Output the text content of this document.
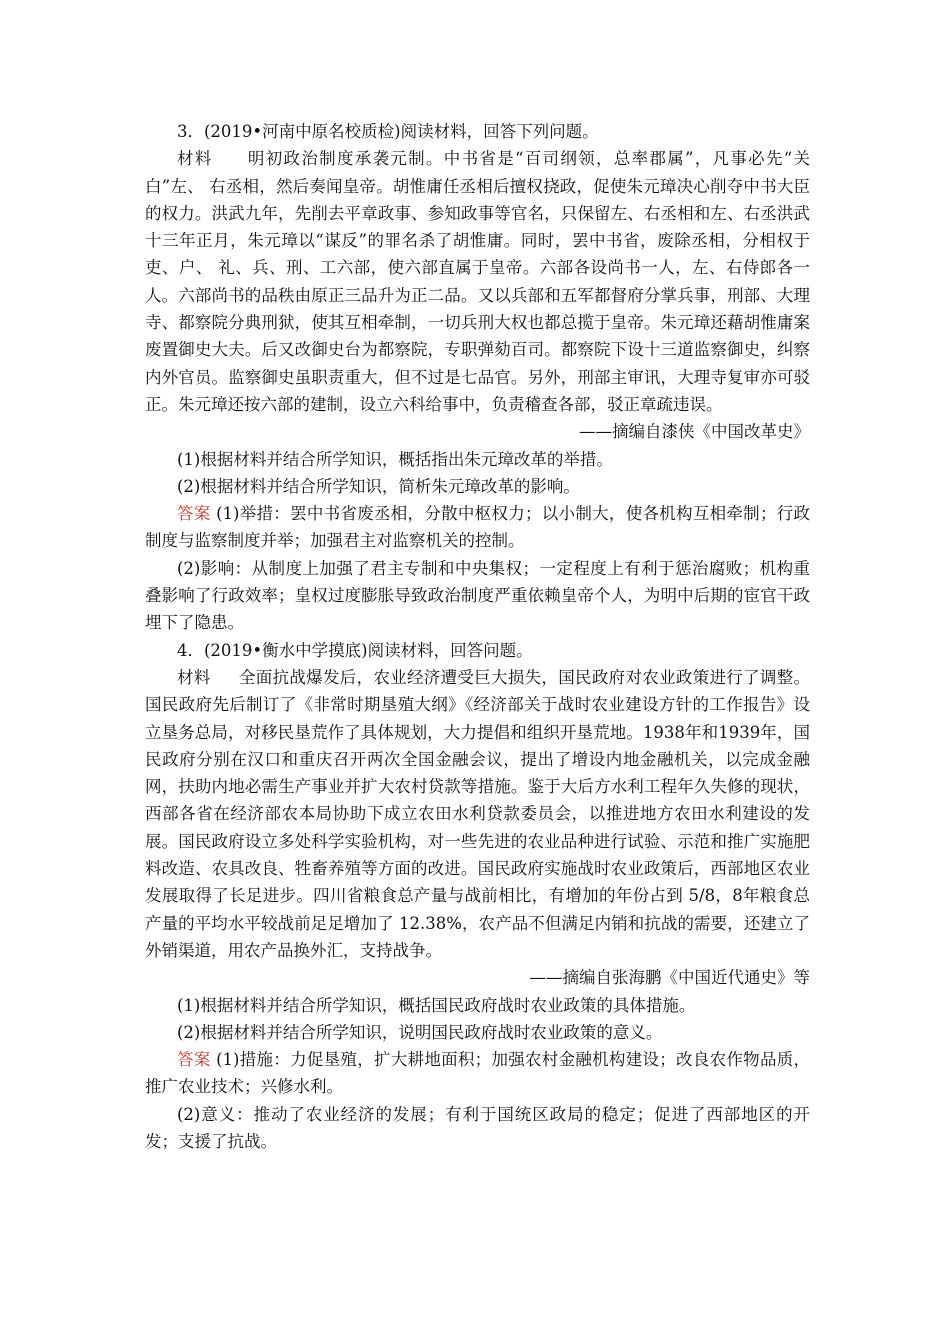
3．(2019•河南中原名校质检)阅读材料，回答下列问题。

材料 明初政治制度承袭元制。中书省是“百司纲领，总率郡属”，凡事必先“关白”左、 右丞相，然后奏闻皇帝。胡惟庸任丞相后擅权挠政，促使朱元璋决心削夺中书大臣的权力。洪武九年，先削去平章政事、参知政事等官名，只保留左、右丞相和左、右丞洪武十三年正月，朱元璋以“谋反”的罪名杀了胡惟庸。同时，罢中书省，废除丞相，分相权于吏、户、 礼、兵、刑、工六部，使六部直属于皇帝。六部各设尚书一人，左、右侍郎各一人。六部尚书的品秩由原正三品升为正二品。又以兵部和五军都督府分掌兵事，刑部、大理寺、都察院分典刑狱，使其互相牵制，一切兵刑大权也都总揽于皇帝。朱元璋还藉胡惟庸案废置御史大夫。后又改御史台为都察院，专职弹劾百司。都察院下设十三道监察御史，纠察内外官员。监察御史虽职责重大，但不过是七品官。另外，刑部主审讯，大理寺复审亦可驳正。朱元璋还按六部的建制，设立六科给事中，负责稽查各部，驳正章疏违误。

——摘编自漆侠《中国改革史》

(1)根据材料并结合所学知识，概括指出朱元璋改革的举措。

(2)根据材料并结合所学知识，简析朱元璋改革的影响。

答案 (1)举措：罢中书省废丞相，分散中枢权力；以小制大，使各机构互相牵制；行政制度与监察制度并举；加强君主对监察机关的控制。

(2)影响：从制度上加强了君主专制和中央集权；一定程度上有利于惩治腐败；机构重叠影响了行政效率；皇权过度膨胀导致政治制度严重依赖皇帝个人，为明中后期的宦官干政埋下了隐患。

4．(2019•衡水中学摸底)阅读材料，回答问题。

材料 全面抗战爆发后，农业经济遭受巨大损失，国民政府对农业政策进行了调整。国民政府先后制订了《非常时期垦殖大纲》《经济部关于战时农业建设方针的工作报告》设立垦务总局，对移民垦荒作了具体规划，大力提倡和组织开垦荒地。1938年和1939年，国民政府分别在汉口和重庆召开两次全国金融会议，提出了增设内地金融机关，以完成金融网，扶助内地必需生产事业并扩大农村贷款等措施。鉴于大后方水利工程年久失修的现状，西部各省在经济部农本局协助下成立农田水利贷款委员会，以推进地方农田水利建设的发展。国民政府设立多处科学实验机构，对一些先进的农业品种进行试验、示范和推广实施肥料改造、农具改良、牲畜养殖等方面的改进。国民政府实施战时农业政策后，西部地区农业发展取得了长足进步。四川省粮食总产量与战前相比，有增加的年份占到 5/8，8年粮食总产量的平均水平较战前足足增加了 12.38%，农产品不但满足内销和抗战的需要，还建立了外销渠道，用农产品换外汇，支持战争。

——摘编自张海鹏《中国近代通史》等

(1)根据材料并结合所学知识，概括国民政府战时农业政策的具体措施。

(2)根据材料并结合所学知识，说明国民政府战时农业政策的意义。

答案 (1)措施：力促垦殖，扩大耕地面积；加强农村金融机构建设；改良农作物品质，推广农业技术；兴修水利。

(2)意义：推动了农业经济的发展；有利于国统区政局的稳定；促进了西部地区的开发；支援了抗战。
